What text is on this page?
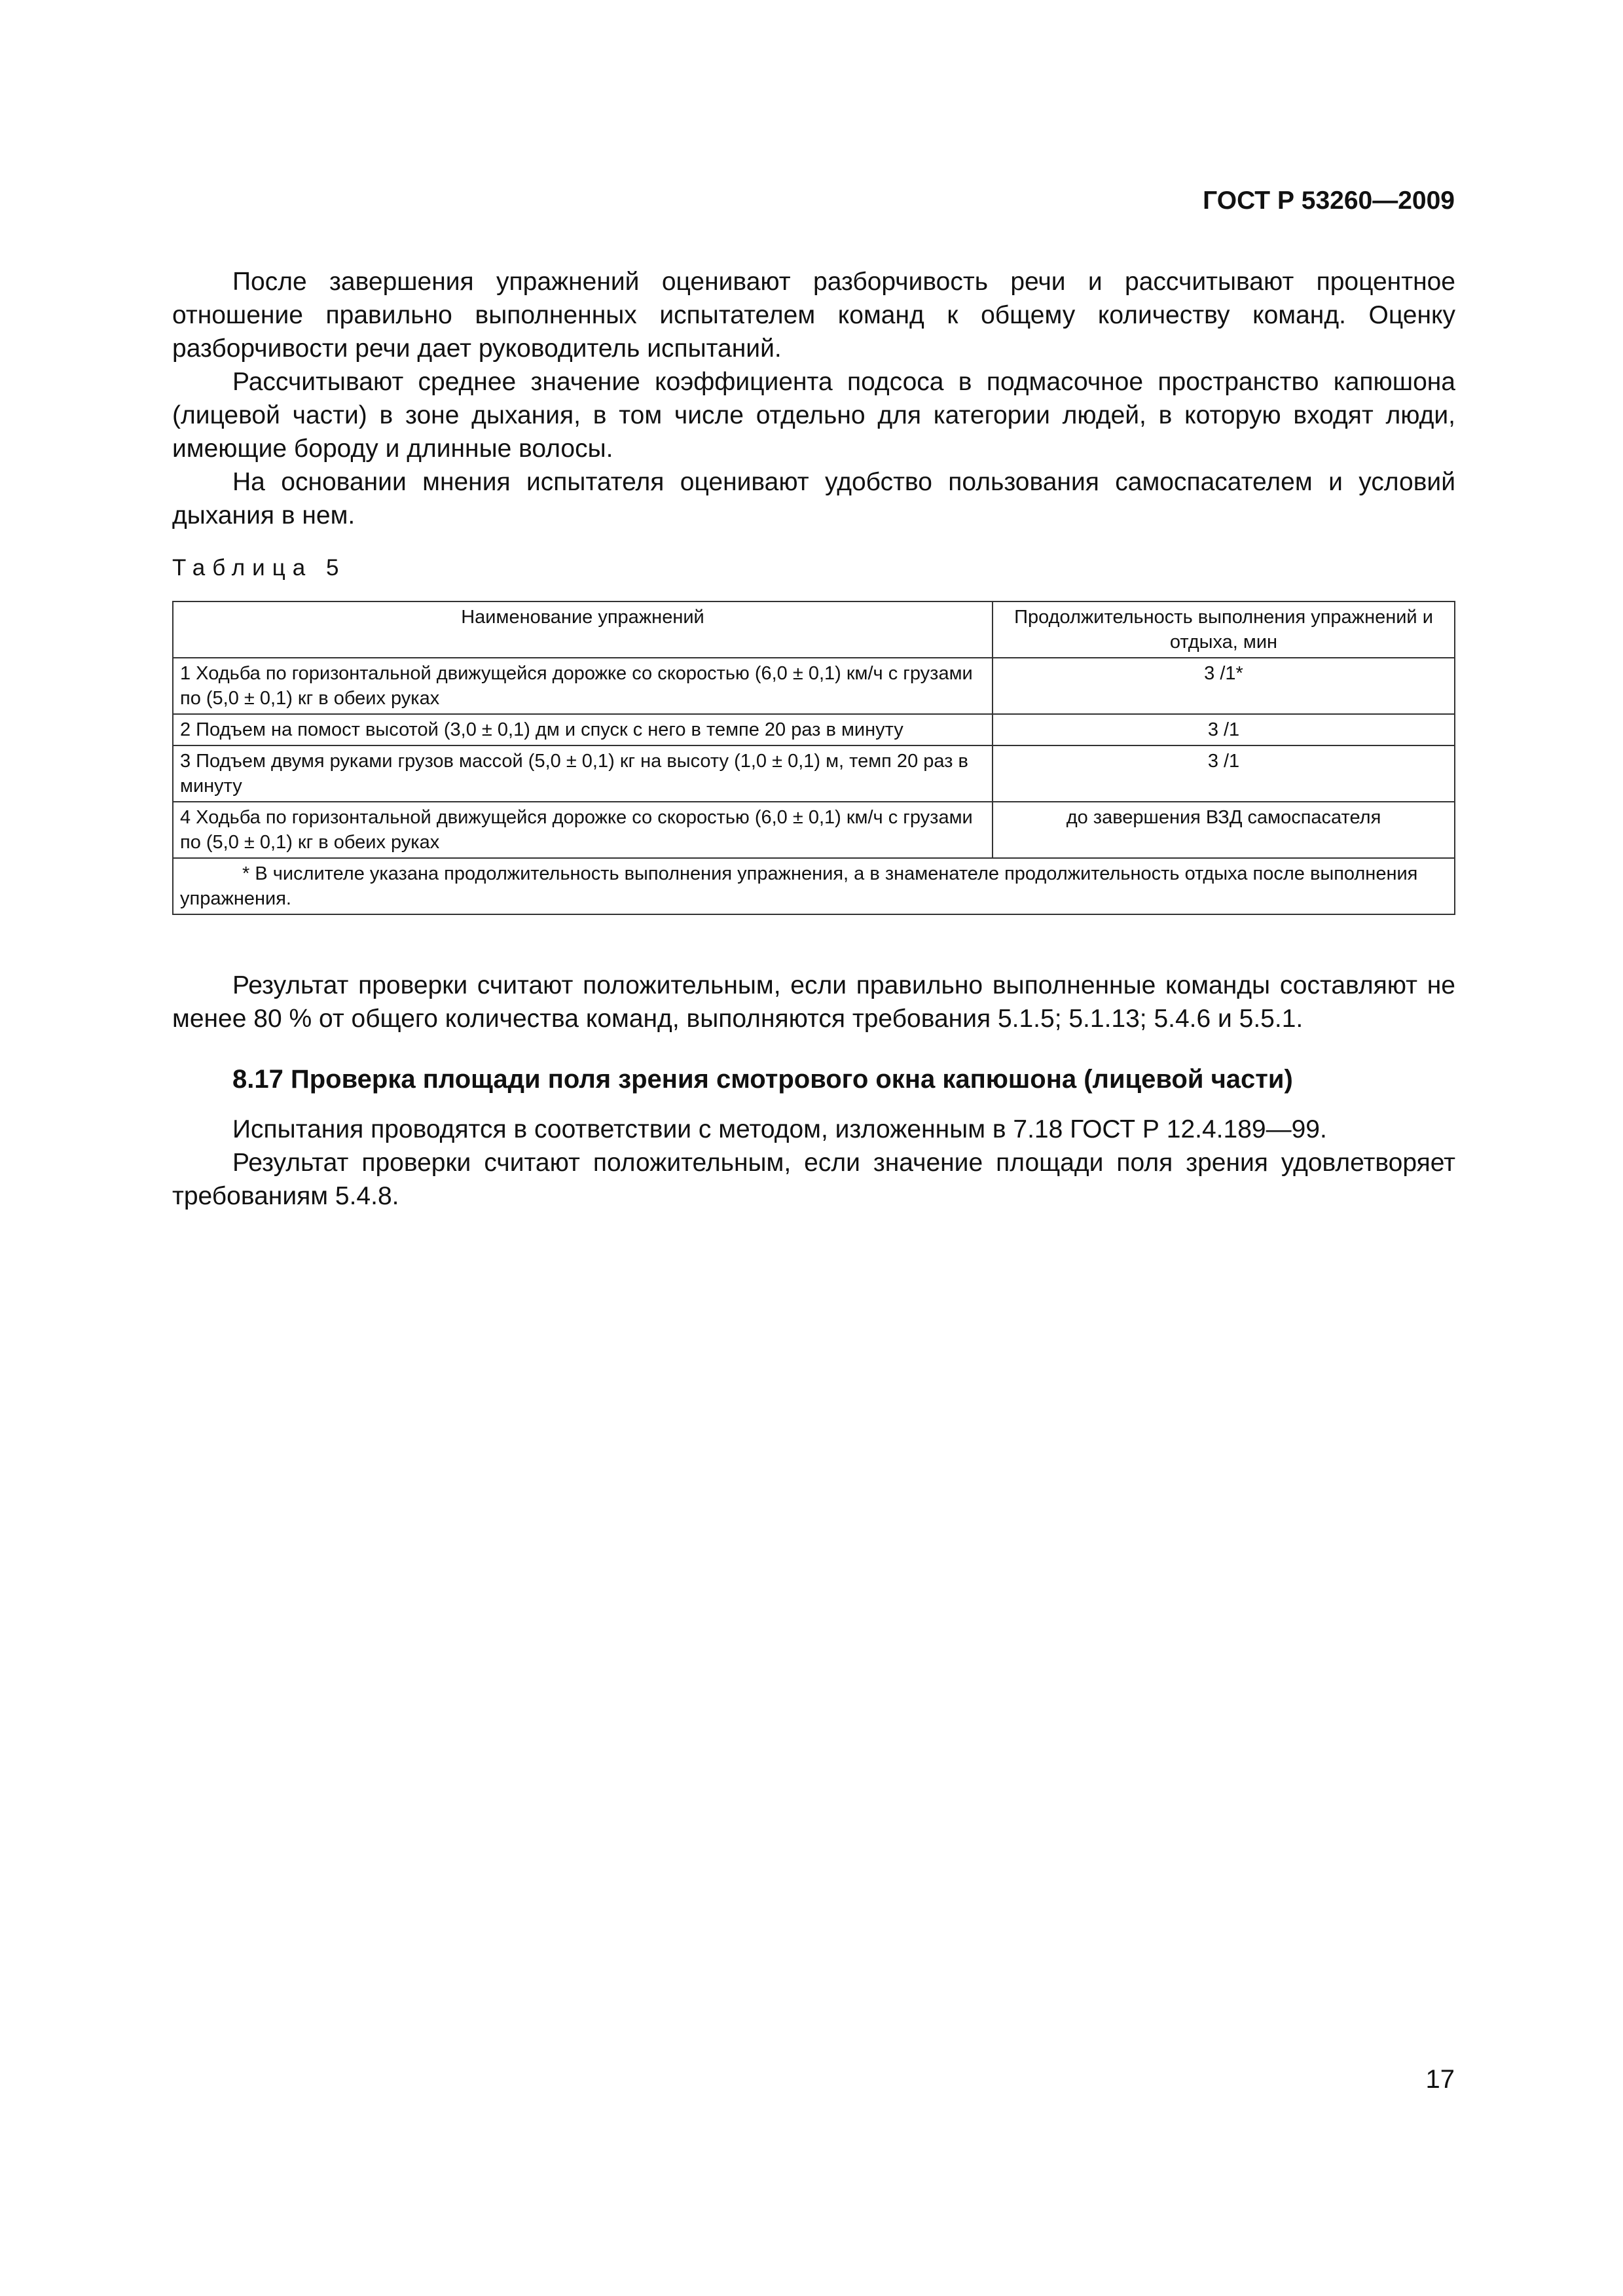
ГОСТ Р 53260—2009

После завершения упражнений оценивают разборчивость речи и рассчитывают процентное отношение правильно выполненных испытателем команд к общему количеству команд. Оценку разборчивости речи дает руководитель испытаний.

Рассчитывают среднее значение коэффициента подсоса в подмасочное пространство капюшона (лицевой части) в зоне дыхания, в том числе отдельно для категории людей, в которую входят люди, имеющие бороду и длинные волосы.

На основании мнения испытателя оценивают удобство пользования самоспасателем и условий дыхания в нем.

Таблица 5
Наименование упражнений	Продолжительность выполнения упражнений и отдыха, мин
1 Ходьба по горизонтальной движущейся дорожке со скоростью (6,0 ± 0,1) км/ч с грузами по (5,0 ± 0,1) кг в обеих руках	3 /1*
2 Подъем на помост высотой (3,0 ± 0,1) дм и спуск с него в темпе 20 раз в минуту	3 /1
3 Подъем двумя руками грузов массой (5,0 ± 0,1) кг на высоту (1,0 ± 0,1) м, темп 20 раз в минуту	3 /1
4 Ходьба по горизонтальной движущейся дорожке со скоростью (6,0 ± 0,1) км/ч с грузами по (5,0 ± 0,1) кг в обеих руках	до завершения ВЗД самоспасателя
* В числителе указана продолжительность выполнения упражнения, а в знаменателе продолжительность отдыха после выполнения упражнения.	

Результат проверки считают положительным, если правильно выполненные команды составляют не менее 80 % от общего количества команд, выполняются требования 5.1.5; 5.1.13; 5.4.6 и 5.5.1.

8.17 Проверка площади поля зрения смотрового окна капюшона (лицевой части)

Испытания проводятся в соответствии с методом, изложенным в 7.18 ГОСТ Р 12.4.189—99.

Результат проверки считают положительным, если значение площади поля зрения удовлетворяет требованиям 5.4.8.

17
